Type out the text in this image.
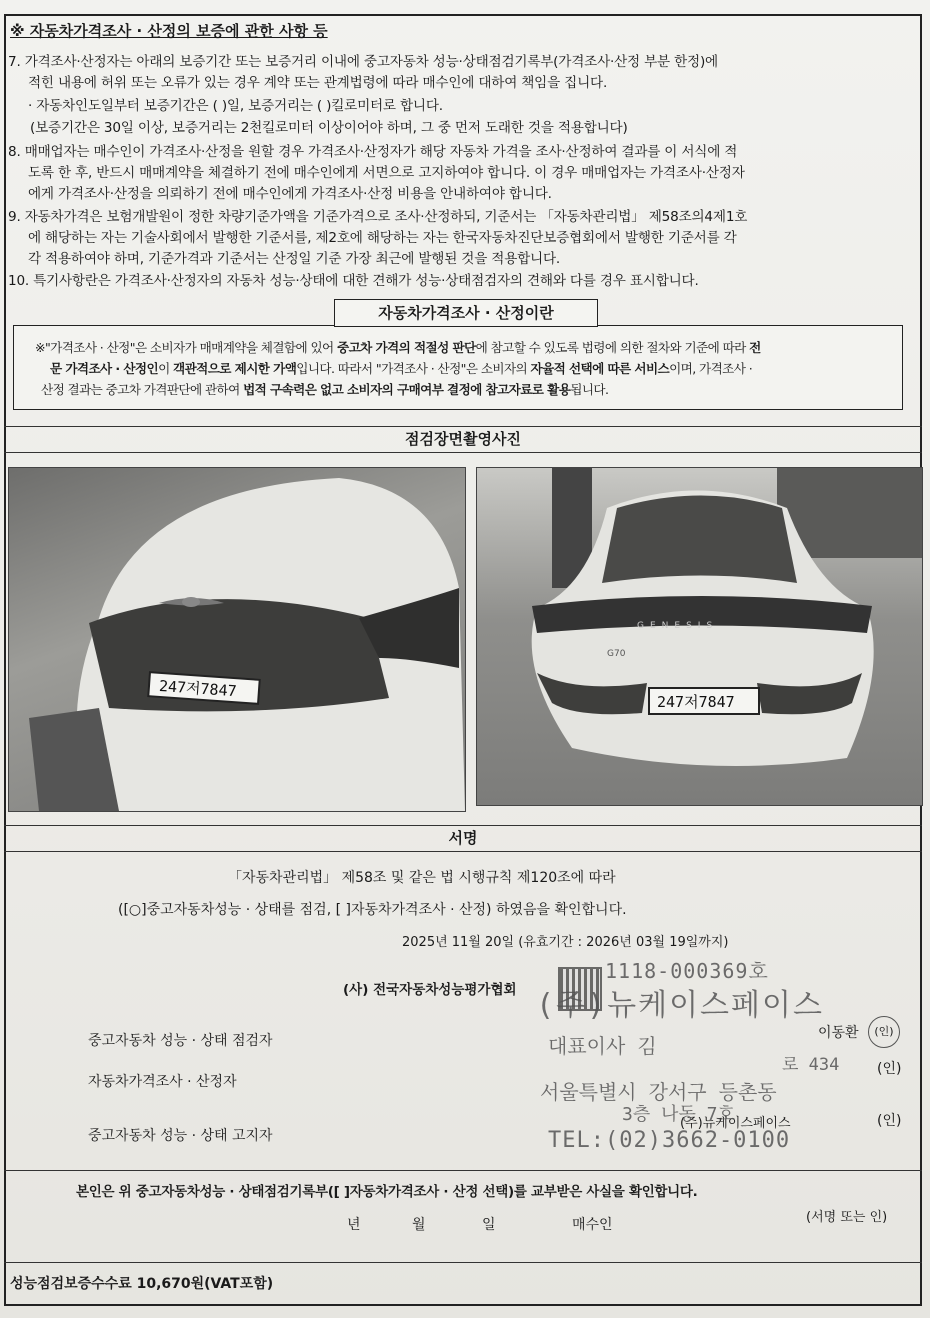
※ 자동차가격조사 · 산정의 보증에 관한 사항 등
7. 가격조사·산정자는 아래의 보증기간 또는 보증거리 이내에 중고자동차 성능·상태점검기록부(가격조사·산정 부분 한정)에
적힌 내용에 허위 또는 오류가 있는 경우 계약 또는 관계법령에 따라 매수인에 대하여 책임을 집니다.
· 자동차인도일부터 보증기간은 ( )일, 보증거리는 ( )킬로미터로 합니다.
(보증기간은 30일 이상, 보증거리는 2천킬로미터 이상이어야 하며, 그 중 먼저 도래한 것을 적용합니다)
8. 매매업자는 매수인이 가격조사·산정을 원할 경우 가격조사·산정자가 해당 자동차 가격을 조사·산정하여 결과를 이 서식에 적
도록 한 후, 반드시 매매계약을 체결하기 전에 매수인에게 서면으로 고지하여야 합니다. 이 경우 매매업자는 가격조사·산정자
에게 가격조사·산정을 의뢰하기 전에 매수인에게 가격조사·산정 비용을 안내하여야 합니다.
9. 자동차가격은 보험개발원이 정한 차량기준가액을 기준가격으로 조사·산정하되, 기준서는 「자동차관리법」 제58조의4제1호
에 해당하는 자는 기술사회에서 발행한 기준서를, 제2호에 해당하는 자는 한국자동차진단보증협회에서 발행한 기준서를 각
각 적용하여야 하며, 기준가격과 기준서는 산정일 기준 가장 최근에 발행된 것을 적용합니다.
10. 특기사항란은 가격조사·산정자의 자동차 성능·상태에 대한 견해가 성능·상태점검자의 견해와 다를 경우 표시합니다.
자동차가격조사 · 산정이란
※"가격조사 · 산정"은 소비자가 매매계약을 체결함에 있어 중고차 가격의 적절성 판단에 참고할 수 있도록 법령에 의한 절차와 기준에 따라 전
문 가격조사 · 산정인이 객관적으로 제시한 가액입니다. 따라서 "가격조사 · 산정"은 소비자의 자율적 선택에 따른 서비스이며, 가격조사 ·
산정 결과는 중고차 가격판단에 관하여 법적 구속력은 없고 소비자의 구매여부 결정에 참고자료로 활용됩니다.
점검장면촬영사진
247저7847
GENESIS
G70
247저7847
서명
「자동차관리법」 제58조 및 같은 법 시행규칙 제120조에 따라
([○]중고자동차성능 · 상태를 점검, [ ]자동차가격조사 · 산정) 하였음을 확인합니다.
2025년 11월 20일 (유효기간 : 2026년 03월 19일까지)
(사) 전국자동차성능평가협회
중고자동차 성능 · 상태 점검자
자동차가격조사 · 산정자
중고자동차 성능 · 상태 고지자
이동환	(인)
(인)
(인)
(주)뉴케이스페이스
1118-000369호
(주)뉴케이스페이스
대표이사 김
로 434
서울특별시 강서구 등촌동
3층 나동 7호
TEL:(02)3662-0100
본인은 위 중고자동차성능 · 상태점검기록부([ ]자동차가격조사 · 산정 선택)를 교부받은 사실을 확인합니다.
년	월	일	매수인	(서명 또는 인)
성능점검보증수수료 10,670원(VAT포함)
